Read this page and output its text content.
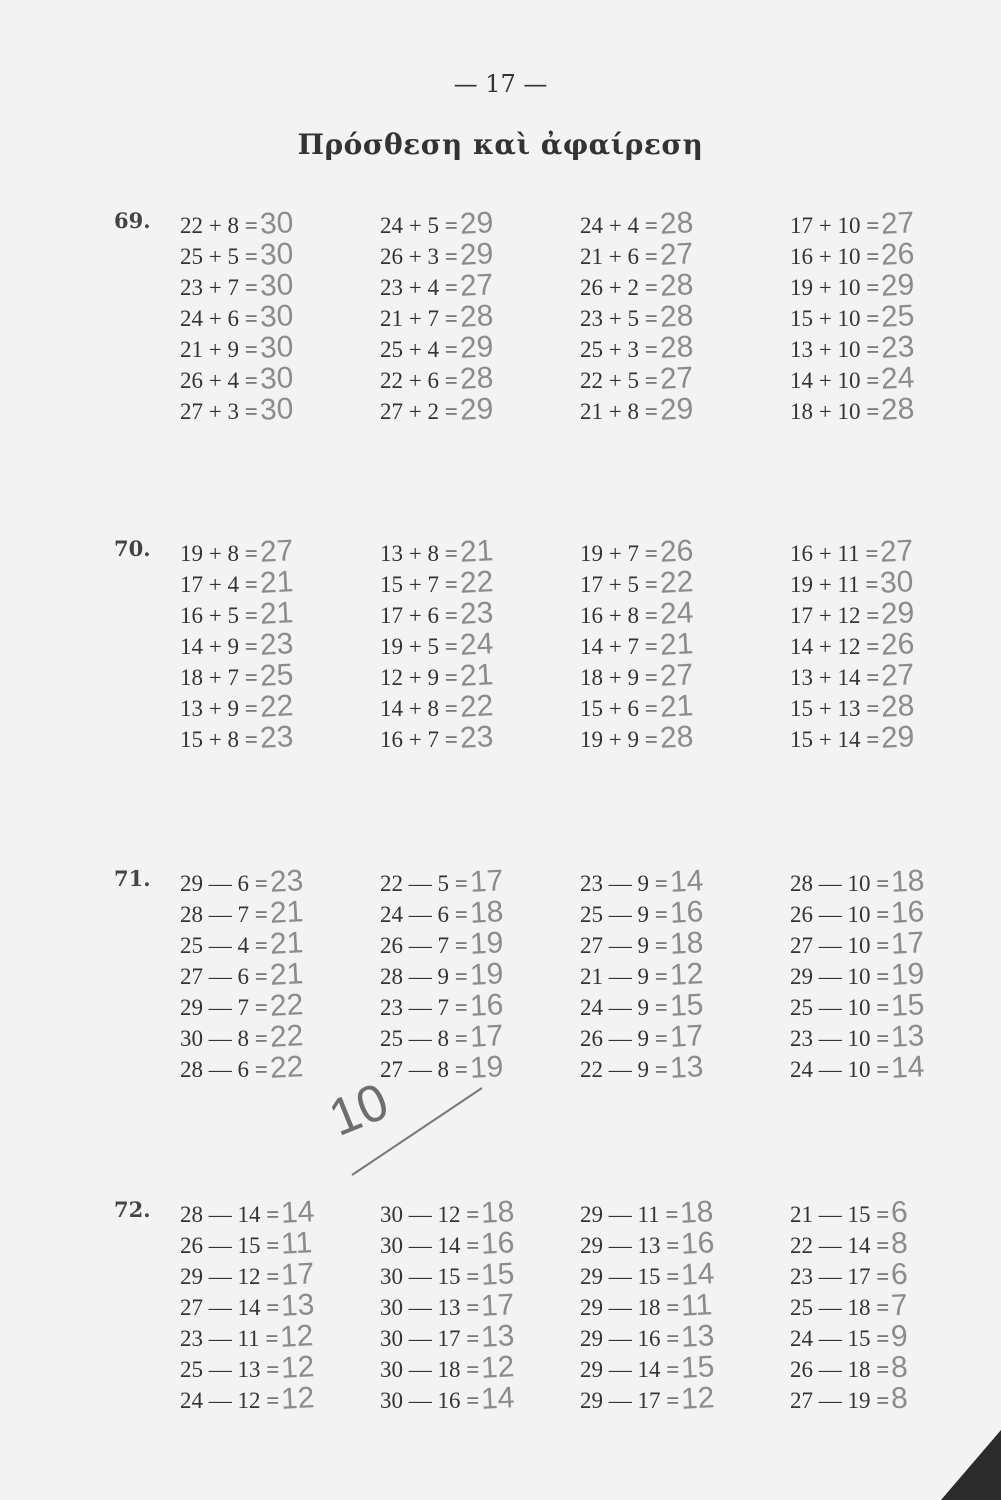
— 17 —
Πρόσθεση καὶ ἀφαίρεση
69. 22 + 8 =30
25 + 5 =30
23 + 7 =30
24 + 6 =30
21 + 9 =30
26 + 4 =30
27 + 3 =30
24 + 5 =29
26 + 3 =29
23 + 4 =27
21 + 7 =28
25 + 4 =29
22 + 6 =28
27 + 2 =29
24 + 4 =28
21 + 6 =27
26 + 2 =28
23 + 5 =28
25 + 3 =28
22 + 5 =27
21 + 8 =29
17 + 10 =27
16 + 10 =26
19 + 10 =29
15 + 10 =25
13 + 10 =23
14 + 10 =24
18 + 10 =28
70. 19 + 8 =27
17 + 4 =21
16 + 5 =21
14 + 9 =23
18 + 7 =25
13 + 9 =22
15 + 8 =23
13 + 8 =21
15 + 7 =22
17 + 6 =23
19 + 5 =24
12 + 9 =21
14 + 8 =22
16 + 7 =23
19 + 7 =26
17 + 5 =22
16 + 8 =24
14 + 7 =21
18 + 9 =27
15 + 6 =21
19 + 9 =28
16 + 11 =27
19 + 11 =30
17 + 12 =29
14 + 12 =26
13 + 14 =27
15 + 13 =28
15 + 14 =29
71. 29 — 6 =23
28 — 7 =21
25 — 4 =21
27 — 6 =21
29 — 7 =22
30 — 8 =22
28 — 6 =22
22 — 5 =17
24 — 6 =18
26 — 7 =19
28 — 9 =19
23 — 7 =16
25 — 8 =17
27 — 8 =19
23 — 9 =14
25 — 9 =16
27 — 9 =18
21 — 9 =12
24 — 9 =15
26 — 9 =17
22 — 9 =13
28 — 10 =18
26 — 10 =16
27 — 10 =17
29 — 10 =19
25 — 10 =15
23 — 10 =13
24 — 10 =14
72. 28 — 14 =14
26 — 15 =11
29 — 12 =17
27 — 14 =13
23 — 11 =12
25 — 13 =12
24 — 12 =12
30 — 12 =18
30 — 14 =16
30 — 15 =15
30 — 13 =17
30 — 17 =13
30 — 18 =12
30 — 16 =14
29 — 11 =18
29 — 13 =16
29 — 15 =14
29 — 18 =11
29 — 16 =13
29 — 14 =15
29 — 17 =12
21 — 15 =6
22 — 14 =8
23 — 17 =6
25 — 18 =7
24 — 15 =9
26 — 18 =8
27 — 19 =8
10
